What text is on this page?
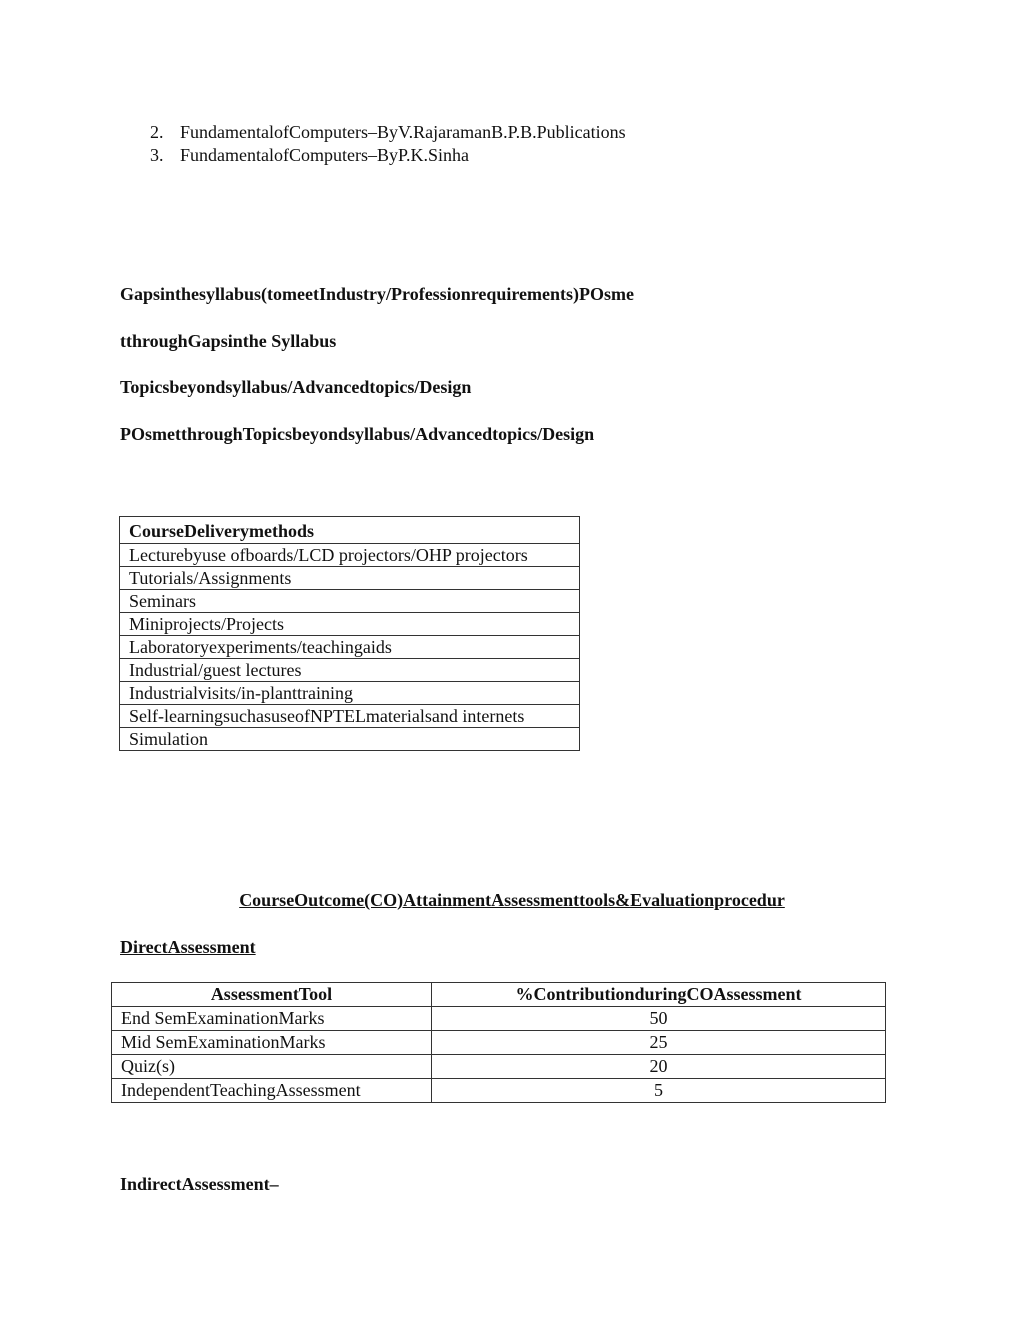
2. FundamentalofComputers–ByV.RajaramanB.P.B.Publications
3. FundamentalofComputers–ByP.K.Sinha
Gapsinthesyllabus(tomeetIndustry/Professionrequirements)POsme
tthroughGapsinthe Syllabus
Topicsbeyondsyllabus/Advancedtopics/Design
POsmetthroughTopicsbeyondsyllabus/Advancedtopics/Design
CourseDeliverymethods
Lecturebyuse ofboards/LCD projectors/OHP projectors
Tutorials/Assignments
Seminars
Miniprojects/Projects
Laboratoryexperiments/teachingaids
Industrial/guest lectures
Industrialvisits/in-planttraining
Self-learningsuchasuseofNPTELmaterialsand internets
Simulation
CourseOutcome(CO)AttainmentAssessmenttools&Evaluationprocedur
DirectAssessment
AssessmentTool	%ContributionduringCOAssessment
End SemExaminationMarks	50
Mid SemExaminationMarks	25
Quiz(s)	20
IndependentTeachingAssessment	5
IndirectAssessment–
